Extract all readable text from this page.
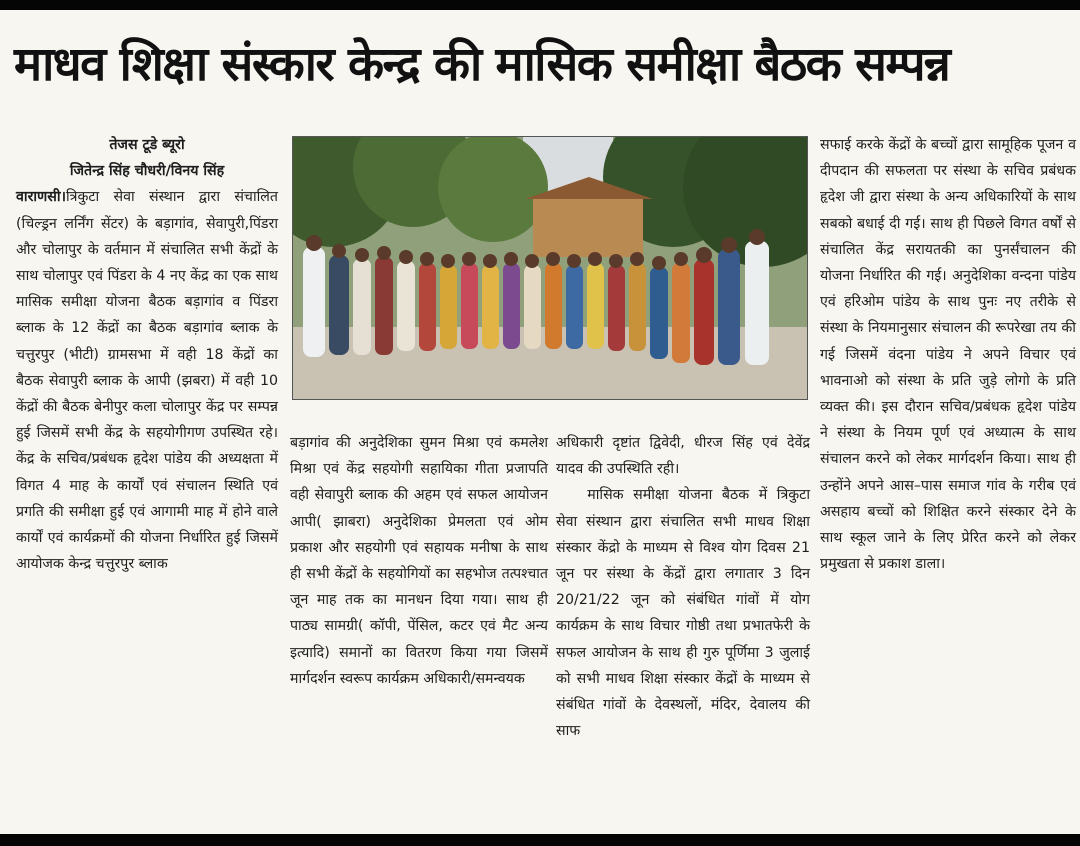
माधव शिक्षा संस्कार केन्द्र की मासिक समीक्षा बैठक सम्पन्न

तेजस टूडे ब्यूरो
जितेन्द्र सिंह चौधरी/विनय सिंह

वाराणसी।त्रिकुटा सेवा संस्थान द्वारा संचालित (चिल्ड्रन लर्निंग सेंटर) के बड़ागांव, सेवापुरी,पिंडरा और चोलापुर के वर्तमान में संचालित सभी केंद्रों के साथ चोलापुर एवं पिंडरा के 4 नए केंद्र का एक साथ मासिक समीक्षा योजना बैठक बड़ागांव व पिंडरा ब्लाक के 12 केंद्रों का बैठक बड़ागांव ब्लाक के चत्तुरपुर (भीटी) ग्रामसभा में वही 18 केंद्रों का बैठक सेवापुरी ब्लाक के आपी (झबरा) में वही 10 केंद्रों की बैठक बेनीपुर कला चोलापुर केंद्र पर सम्पन्न हुई जिसमें सभी केंद्र के सहयोगीगण उपस्थित रहे। केंद्र के सचिव/प्रबंधक हृदेश पांडेय की अध्यक्षता में विगत 4 माह के कार्यों एवं संचालन स्थिति एवं प्रगति की समीक्षा हुई एवं आगामी माह में होने वाले कार्यों एवं कार्यक्रमों की योजना निर्धारित हुई जिसमें आयोजक केन्द्र चत्तुरपुर ब्लाक

बड़ागांव की अनुदेशिका सुमन मिश्रा एवं कमलेश मिश्रा एवं केंद्र सहयोगी सहायिका गीता प्रजापति वही सेवापुरी ब्लाक की अहम एवं सफल आयोजन आपी( झाबरा) अनुदेशिका प्रेमलता एवं ओम प्रकाश और सहयोगी एवं सहायक मनीषा के साथ ही सभी केंद्रों के सहयोगियों का सहभोज तत्पश्चात जून माह तक का मानधन दिया गया। साथ ही पाठ्य सामग्री( कॉपी, पेंसिल, कटर एवं मैट अन्य इत्यादि) समानों का वितरण किया गया जिसमें मार्गदर्शन स्वरूप कार्यक्रम अधिकारी/समन्वयक

अधिकारी दृष्टांत द्विवेदी, धीरज सिंह एवं देवेंद्र यादव की उपस्थिति रही।

मासिक समीक्षा योजना बैठक में त्रिकुटा सेवा संस्थान द्वारा संचालित सभी माधव शिक्षा संस्कार केंद्रो के माध्यम से विश्व योग दिवस 21 जून पर संस्था के केंद्रों द्वारा लगातार 3 दिन 20/21/22 जून को संबंधित गांवों में योग कार्यक्रम के साथ विचार गोष्ठी तथा प्रभातफेरी के सफल आयोजन के साथ ही गुरु पूर्णिमा 3 जुलाई को सभी माधव शिक्षा संस्कार केंद्रों के माध्यम से संबंधित गांवों के देवस्थलों, मंदिर, देवालय की साफ

सफाई करके केंद्रों के बच्चों द्वारा सामूहिक पूजन व दीपदान की सफलता पर संस्था के सचिव प्रबंधक हृदेश जी द्वारा संस्था के अन्य अधिकारियों के साथ सबको बधाई दी गई। साथ ही पिछले विगत वर्षों से संचालित केंद्र सरायतकी का पुनर्संचालन की योजना निर्धारित की गई। अनुदेशिका वन्दना पांडेय एवं हरिओम पांडेय के साथ पुनः नए तरीके से संस्था के नियमानुसार संचालन की रूपरेखा तय की गई जिसमें वंदना पांडेय ने अपने विचार एवं भावनाओ को संस्था के प्रति जुड़े लोगो के प्रति व्यक्त की। इस दौरान सचिव/प्रबंधक हृदेश पांडेय ने संस्था के नियम पूर्ण एवं अध्यात्म के साथ संचालन करने को लेकर मार्गदर्शन किया। साथ ही उन्होंने अपने आस–पास समाज गांव के गरीब एवं असहाय बच्चों को शिक्षित करने संस्कार देने के साथ स्कूल जाने के लिए प्रेरित करने को लेकर प्रमुखता से प्रकाश डाला।
